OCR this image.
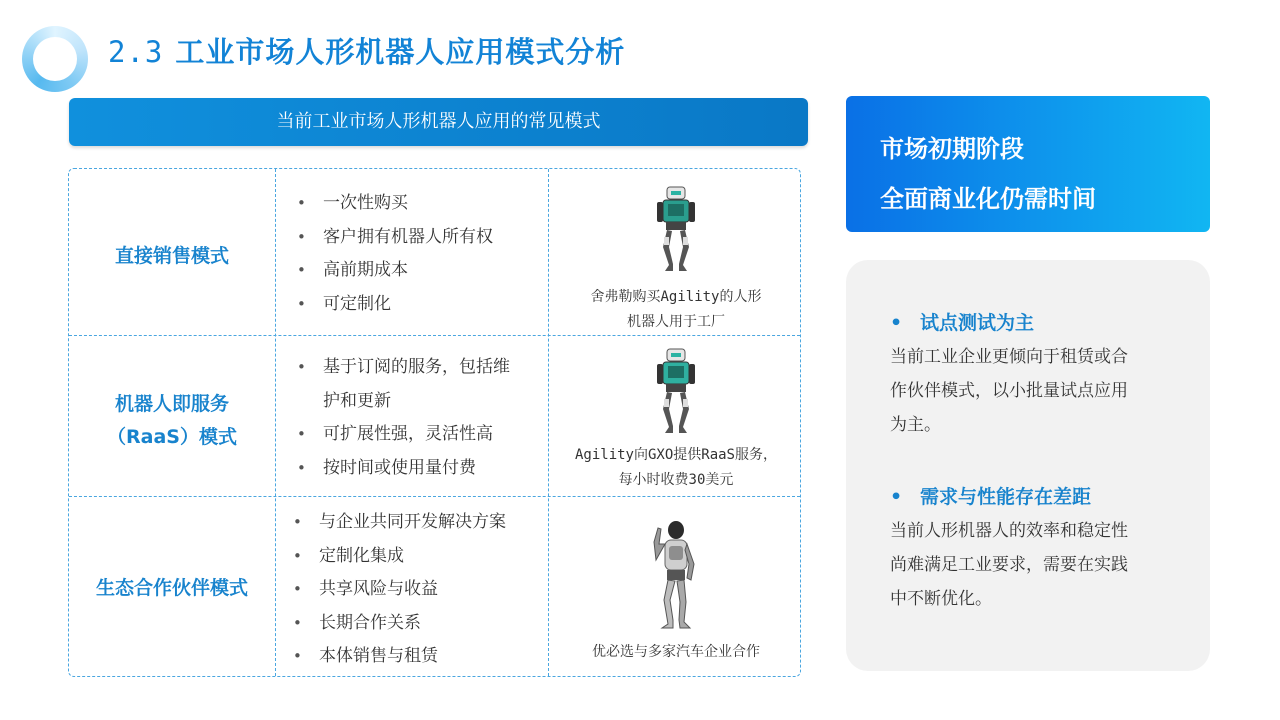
2.3 工业市场人形机器人应用模式分析
当前工业市场人形机器人应用的常见模式
直接销售模式
• 一次性购买
• 客户拥有机器人所有权
• 高前期成本
• 可定制化	舍弗勒购买Agility的人形
机器人用于工厂
机器人即服务
（RaaS）模式
• 基于订阅的服务，包括维
护和更新
• 可扩展性强，灵活性高
• 按时间或使用量付费
Agility向GXO提供RaaS服务，
每小时收费30美元
生态合作伙伴模式
• 与企业共同开发解决方案
• 定制化集成
• 共享风险与收益
• 长期合作关系
• 本体销售与租赁	优必选与多家汽车企业合作
市场初期阶段
全面商业化仍需时间
• 试点测试为主
当前工业企业更倾向于租赁或合
作伙伴模式，以小批量试点应用
为主。
• 需求与性能存在差距
当前人形机器人的效率和稳定性
尚难满足工业要求，需要在实践
中不断优化。
